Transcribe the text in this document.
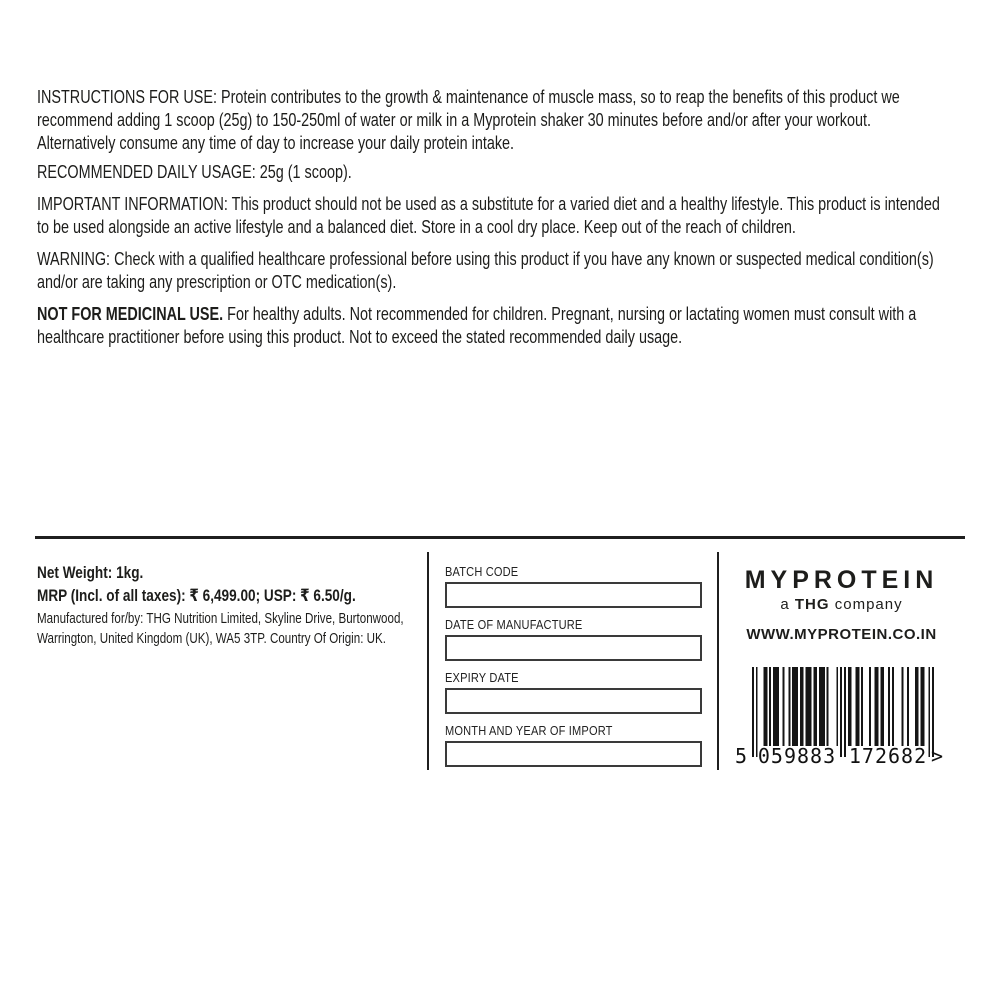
INSTRUCTIONS FOR USE: Protein contributes to the growth & maintenance of muscle mass, so to reap the benefits of this product we
recommend adding 1 scoop (25g) to 150-250ml of water or milk in a Myprotein shaker 30 minutes before and/or after your workout.
Alternatively consume any time of day to increase your daily protein intake.
RECOMMENDED DAILY USAGE: 25g (1 scoop).
IMPORTANT INFORMATION: This product should not be used as a substitute for a varied diet and a healthy lifestyle. This product is intended
to be used alongside an active lifestyle and a balanced diet. Store in a cool dry place. Keep out of the reach of children.
WARNING: Check with a qualified healthcare professional before using this product if you have any known or suspected medical condition(s)
and/or are taking any prescription or OTC medication(s).
NOT FOR MEDICINAL USE. For healthy adults. Not recommended for children. Pregnant, nursing or lactating women must consult with a
healthcare practitioner before using this product. Not to exceed the stated recommended daily usage.
Net Weight: 1kg.
MRP (Incl. of all taxes): ₹ 6,499.00; USP: ₹ 6.50/g.
Manufactured for/by: THG Nutrition Limited, Skyline Drive, Burtonwood,
Warrington, United Kingdom (UK), WA5 3TP. Country Of Origin: UK.
BATCH CODE
DATE OF MANUFACTURE
EXPIRY DATE
MONTH AND YEAR OF IMPORT
MYPROTEIN
a THG company
WWW.MYPROTEIN.CO.IN
5 059883 172682 >
